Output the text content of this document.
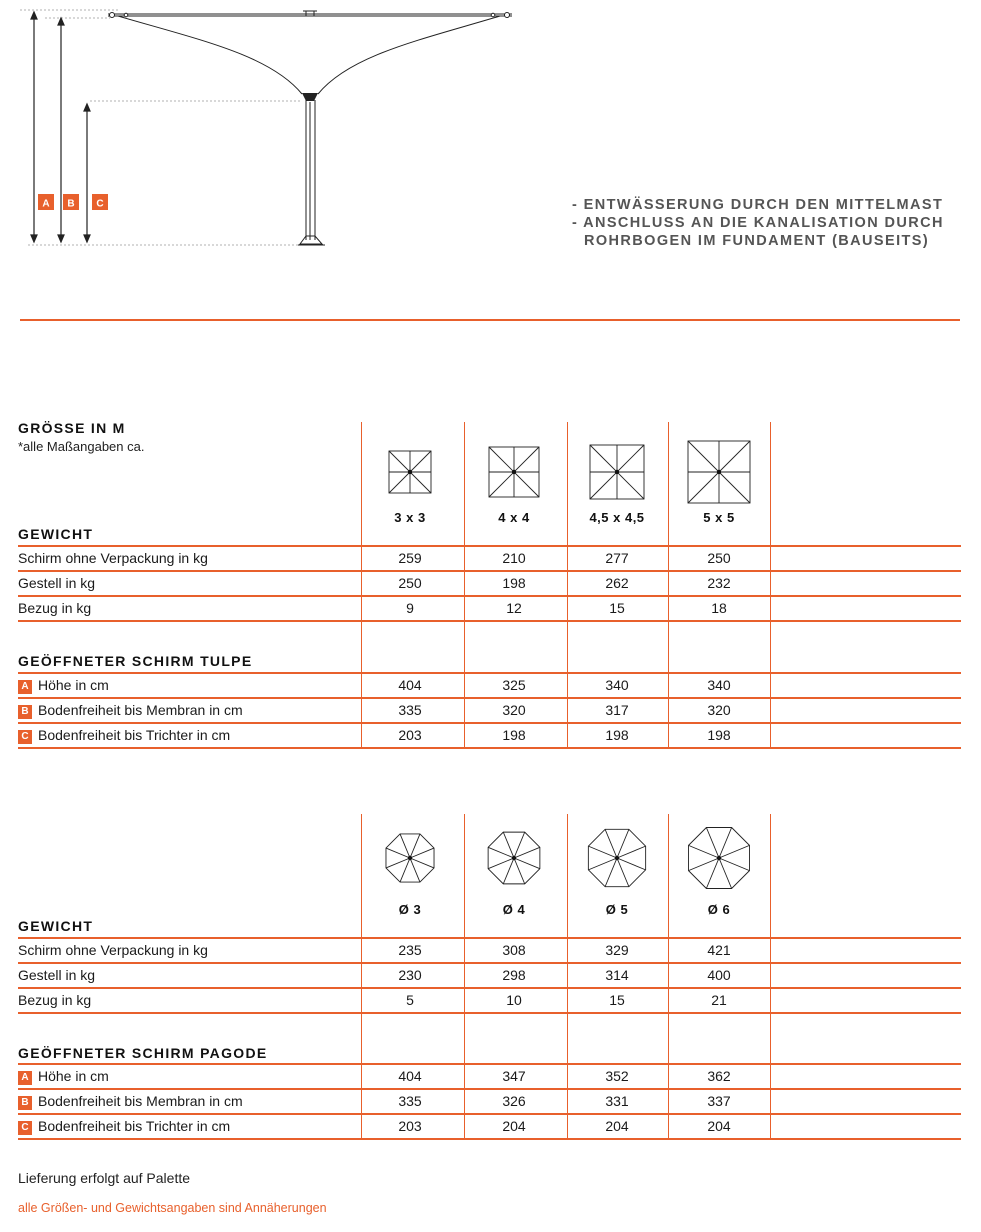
A B C	- ENTWÄSSERUNG DURCH DEN MITTELMAST
- ANSCHLUSS AN DIE KANALISATION DURCH
ROHRBOGEN IM FUNDAMENT (BAUSEITS)
GRÖSSE IN M
*alle Maßangaben ca.
GEWICHT
GEÖFFNETER SCHIRM TULPE
GEWICHT
GEÖFFNETER SCHIRM PAGODE
Lieferung erfolgt auf Palette
alle Größen- und Gewichtsangaben sind Annäherungen
3 x 3	4 x 4	4,5 x 4,5	5 x 5
Schirm ohne Verpackung in kg	259	210	277	250
Gestell in kg	250	198	262	232
Bezug in kg	9	12	15	18
A Höhe in cm	404	325	340	340
B Bodenfreiheit bis Membran in cm	335	320	317	320
C Bodenfreiheit bis Trichter in cm	203	198	198	198
Ø 3	Ø 4	Ø 5	Ø 6
Schirm ohne Verpackung in kg	235	308	329	421
Gestell in kg	230	298	314	400
Bezug in kg	5	10	15	21
A Höhe in cm	404	347	352	362
B Bodenfreiheit bis Membran in cm	335	326	331	337
C Bodenfreiheit bis Trichter in cm	203	204	204	204
